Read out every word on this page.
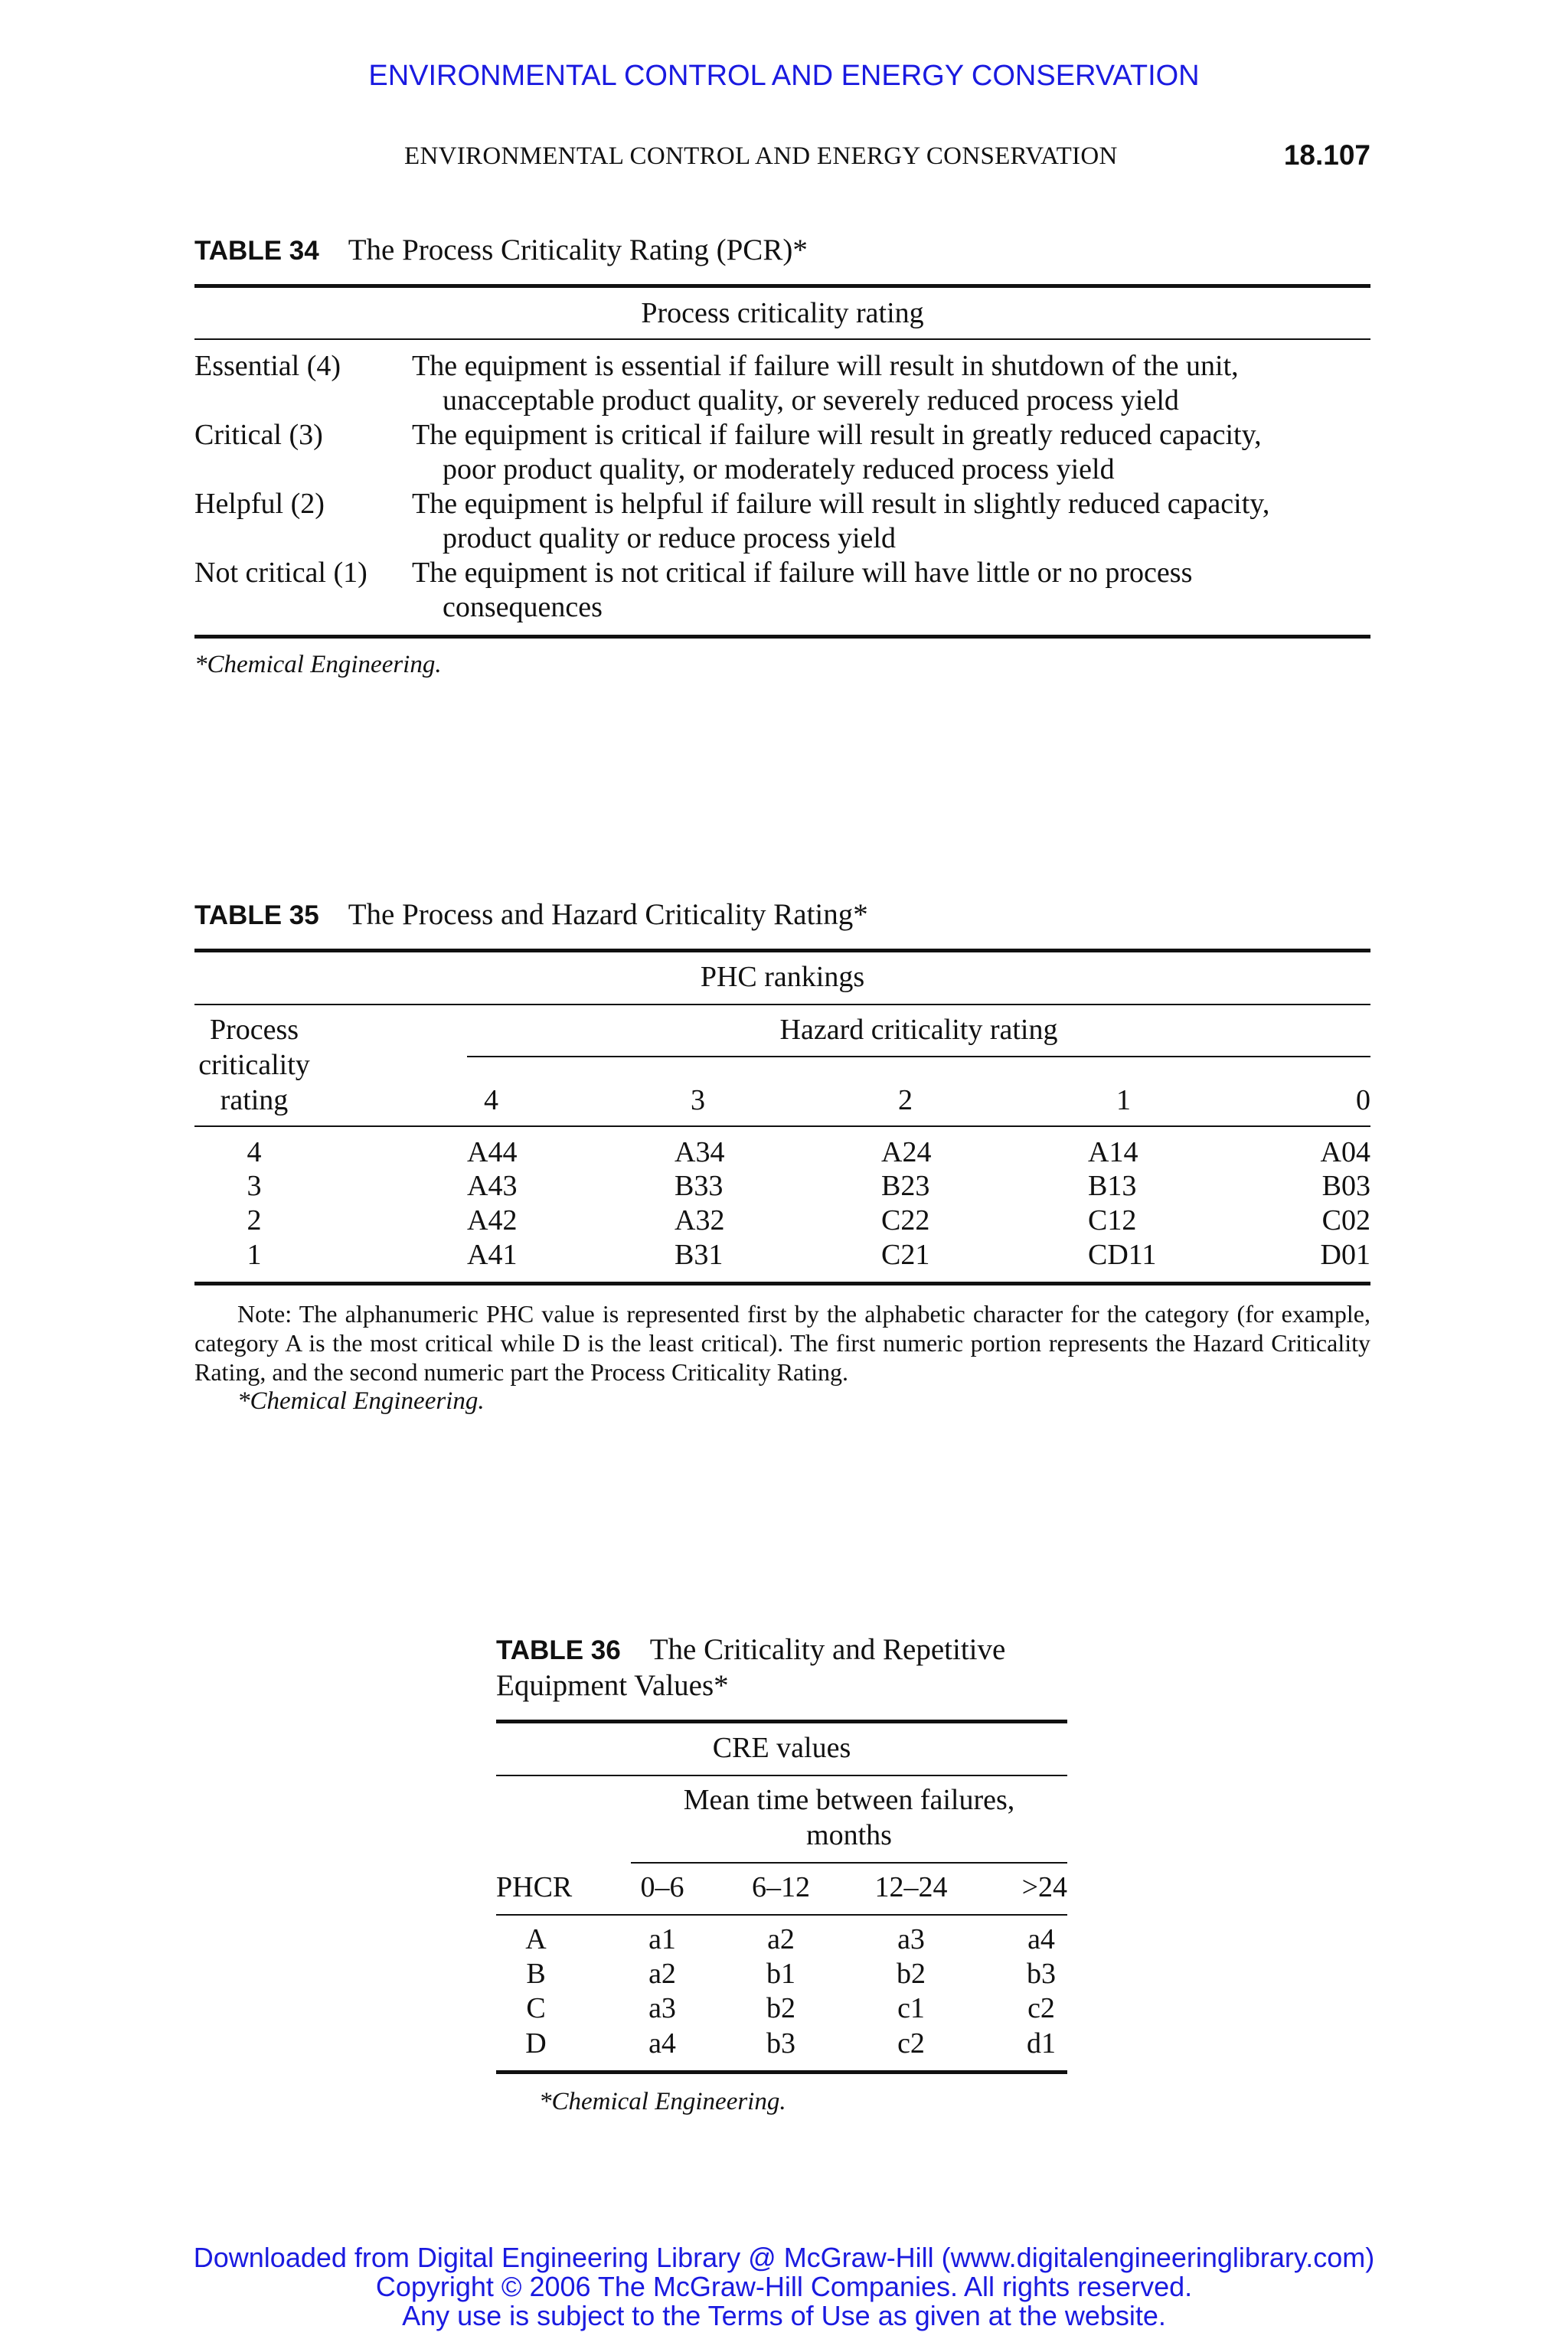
ENVIRONMENTAL CONTROL AND ENERGY CONSERVATION
ENVIRONMENTAL CONTROL AND ENERGY CONSERVATION	18.107
TABLE 34 The Process Criticality Rating (PCR)*
Process criticality rating
Essential (4) The equipment is essential if failure will result in shutdown of the unit,
unacceptable product quality, or severely reduced process yield
Critical (3)	The equipment is critical if failure will result in greatly reduced capacity,
poor product quality, or moderately reduced process yield
Helpful (2)	The equipment is helpful if failure will result in slightly reduced capacity,
product quality or reduce process yield
Not critical (1) The equipment is not critical if failure will have little or no process
consequences
*Chemical Engineering.
TABLE 35 The Process and Hazard Criticality Rating*
PHC rankings
Process
criticality
rating
Hazard criticality rating
4	3	2	1	0
4	A44	A34	A24	A14	A04
3	A43	B33	B23	B13	B03
2	A42	A32	C22	C12	C02
1	A41	B31	C21	CD11	D01
Note: The alphanumeric PHC value is represented first by the alphabetic character for the category (for example, category A is the most critical while D is the least critical). The first numeric portion represents the Hazard Criticality Rating, and the second numeric part the Process Criticality Rating.
*Chemical Engineering.
TABLE 36 The Criticality and Repetitive
Equipment Values*
CRE values
Mean time between failures,
months
PHCR	0–6	6–12	12–24	>24
A	a1	a2	a3	a4
B	a2	b1	b2	b3
C	a3	b2	c1	c2
D	a4	b3	c2	d1
*Chemical Engineering.
Downloaded from Digital Engineering Library @ McGraw-Hill (www.digitalengineeringlibrary.com)
Copyright © 2006 The McGraw-Hill Companies. All rights reserved.
Any use is subject to the Terms of Use as given at the website.
